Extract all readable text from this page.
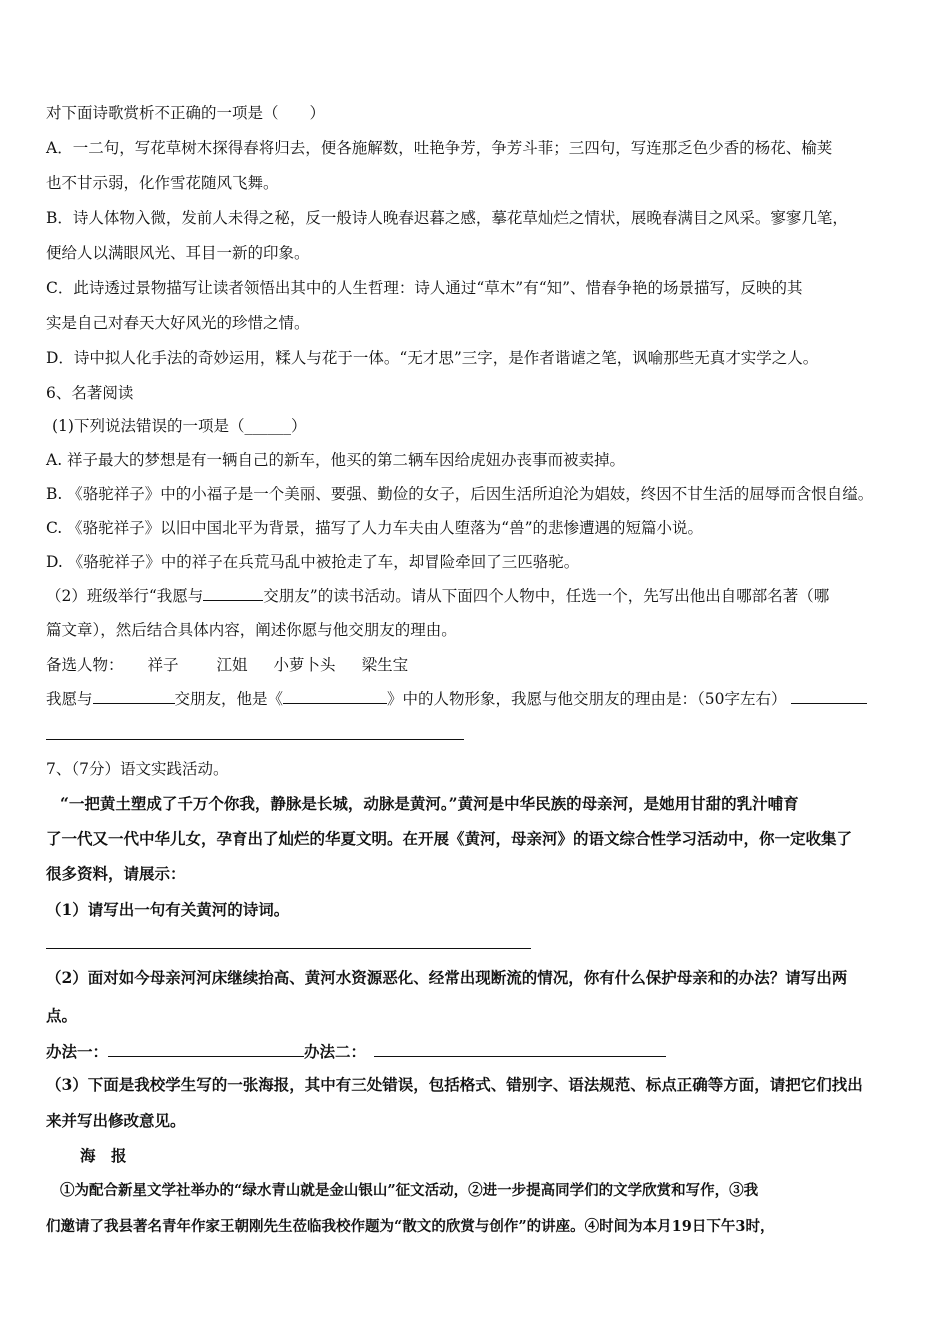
对下面诗歌赏析不正确的一项是（　　）
A．一二句，写花草树木探得春将归去，便各施解数，吐艳争芳，争芳斗菲；三四句，写连那乏色少香的杨花、榆荚
也不甘示弱，化作雪花随风飞舞。
B．诗人体物入微，发前人未得之秘，反一般诗人晚春迟暮之感，摹花草灿烂之情状，展晚春满目之风采。寥寥几笔，
便给人以满眼风光、耳目一新的印象。
C．此诗透过景物描写让读者领悟出其中的人生哲理：诗人通过“草木”有“知”、惜春争艳的场景描写，反映的其
实是自己对春天大好风光的珍惜之情。
D．诗中拟人化手法的奇妙运用，糅人与花于一体。“无才思”三字，是作者谐谑之笔，讽喻那些无真才实学之人。
6、名著阅读
(1)下列说法错误的一项是（______）
A. 祥子最大的梦想是有一辆自己的新车，他买的第二辆车因给虎妞办丧事而被卖掉。
B. 《骆驼祥子》中的小福子是一个美丽、要强、勤俭的女子，后因生活所迫沦为娼妓，终因不甘生活的屈辱而含恨自缢。
C. 《骆驼祥子》以旧中国北平为背景，描写了人力车夫由人堕落为“兽”的悲惨遭遇的短篇小说。
D. 《骆驼祥子》中的祥子在兵荒马乱中被抢走了车，却冒险牵回了三匹骆驼。
（2）班级举行“我愿与	交朋友”的读书活动。请从下面四个人物中，任选一个，先写出他出自哪部名著（哪
篇文章），然后结合具体内容，阐述你愿与他交朋友的理由。
备选人物： 祥子 江姐 小萝卜头 梁生宝
我愿与	交朋友，他是《	》中的人物形象，我愿与他交朋友的理由是：（50字左右）
7、（7分）语文实践活动。
“一把黄土塑成了千万个你我，静脉是长城，动脉是黄河。”黄河是中华民族的母亲河，是她用甘甜的乳汁哺育
了一代又一代中华儿女，孕育出了灿烂的华夏文明。在开展《黄河，母亲河》的语文综合性学习活动中，你一定收集了
很多资料，请展示：
（1）请写出一句有关黄河的诗词。
（2）面对如今母亲河河床继续抬高、黄河水资源恶化、经常出现断流的情况，你有什么保护母亲和的办法？请写出两
点。
办法一：	办法二：
（3）下面是我校学生写的一张海报，其中有三处错误，包括格式、错别字、语法规范、标点正确等方面，请把它们找出
来并写出修改意见。
海　报
①为配合新星文学社举办的“绿水青山就是金山银山”征文活动，②进一步提高同学们的文学欣赏和写作，③我
们邀请了我县著名青年作家王朝刚先生莅临我校作题为“散文的欣赏与创作”的讲座。④时间为本月19日下午3时，
